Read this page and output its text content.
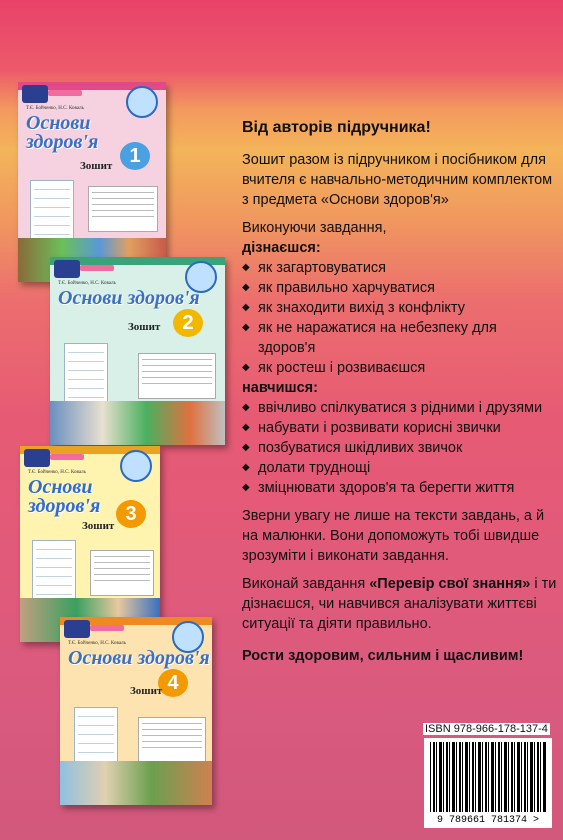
Т.Є. Бойченко, Н.С. Коваль
Основи здоров'я
1
Зошит
Т.Є. Бойченко, Н.С. Коваль
Основи здоров'я
2
Зошит
Т.Є. Бойченко, Н.С. Коваль
Основи здоров'я	3
Зошит
Т.Є. Бойченко, Н.С. Коваль
Основи здоров'я
4
Зошит
Від авторів підручника!

Зошит разом із підручником і посібником для вчителя є навчально-методичним комплектом з предмета «Основи здоров'я»

Виконуючи завдання,
дізнаєшся:
◆ як загартовуватися
◆ як правильно харчуватися
◆ як знаходити вихід з конфлікту
◆ як не наражатися на небезпеку для здоров'я
◆ як ростеш і розвиваєшся
навчишся:
◆ ввічливо спілкуватися з рідними і друзями
◆ набувати і розвивати корисні звички
◆ позбуватися шкідливих звичок
◆ долати труднощі
◆ зміцнювати здоров'я та берегти життя

Зверни увагу не лише на тексти завдань, а й на малюнки. Вони допоможуть тобі швидше зрозуміти і виконати завдання.

Виконай завдання «Перевір свої знання» і ти дізнаєшся, чи навчився аналізувати життєві ситуації та діяти правильно.

Рости здоровим, сильним і щасливим!
ISBN 978-966-178-137-4
9 789661 781374 >
